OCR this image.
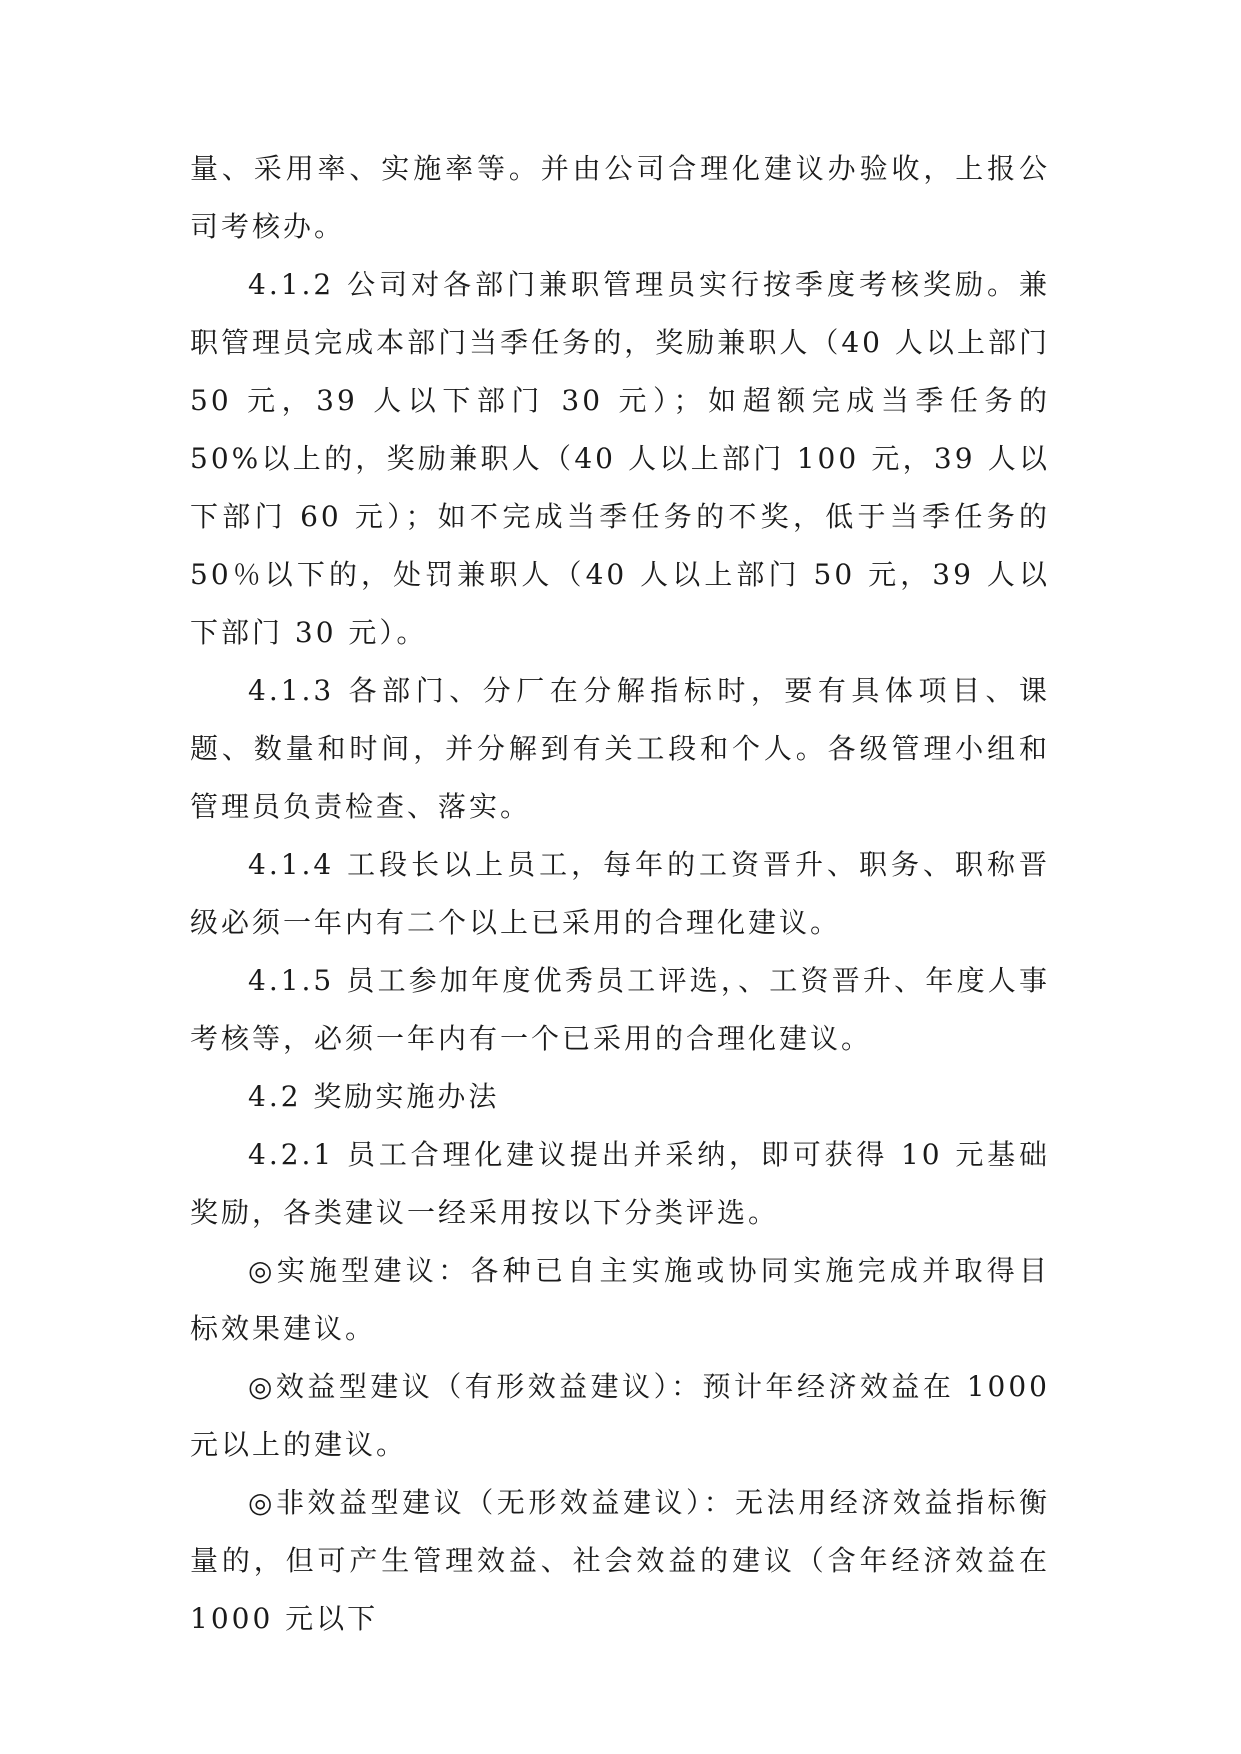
量、采用率、实施率等。并由公司合理化建议办验收，上报公司考核办。

4.1.2 公司对各部门兼职管理员实行按季度考核奖励。兼职管理员完成本部门当季任务的，奖励兼职人（40 人以上部门 50 元，39 人以下部门 30 元）；如超额完成当季任务的 50%以上的，奖励兼职人（40 人以上部门 100 元，39 人以下部门 60 元）；如不完成当季任务的不奖，低于当季任务的 50％以下的，处罚兼职人（40 人以上部门 50 元，39 人以下部门 30 元）。

4.1.3 各部门、分厂在分解指标时，要有具体项目、课题、数量和时间，并分解到有关工段和个人。各级管理小组和管理员负责检查、落实。

4.1.4 工段长以上员工，每年的工资晋升、职务、职称晋级必须一年内有二个以上已采用的合理化建议。

4.1.5 员工参加年度优秀员工评选，、工资晋升、年度人事考核等，必须一年内有一个已采用的合理化建议。

4.2 奖励实施办法

4.2.1 员工合理化建议提出并采纳，即可获得 10 元基础奖励，各类建议一经采用按以下分类评选。

◎实施型建议：各种已自主实施或协同实施完成并取得目标效果建议。

◎效益型建议（有形效益建议）：预计年经济效益在 1000 元以上的建议。

◎非效益型建议（无形效益建议）：无法用经济效益指标衡量的，但可产生管理效益、社会效益的建议（含年经济效益在 1000 元以下
